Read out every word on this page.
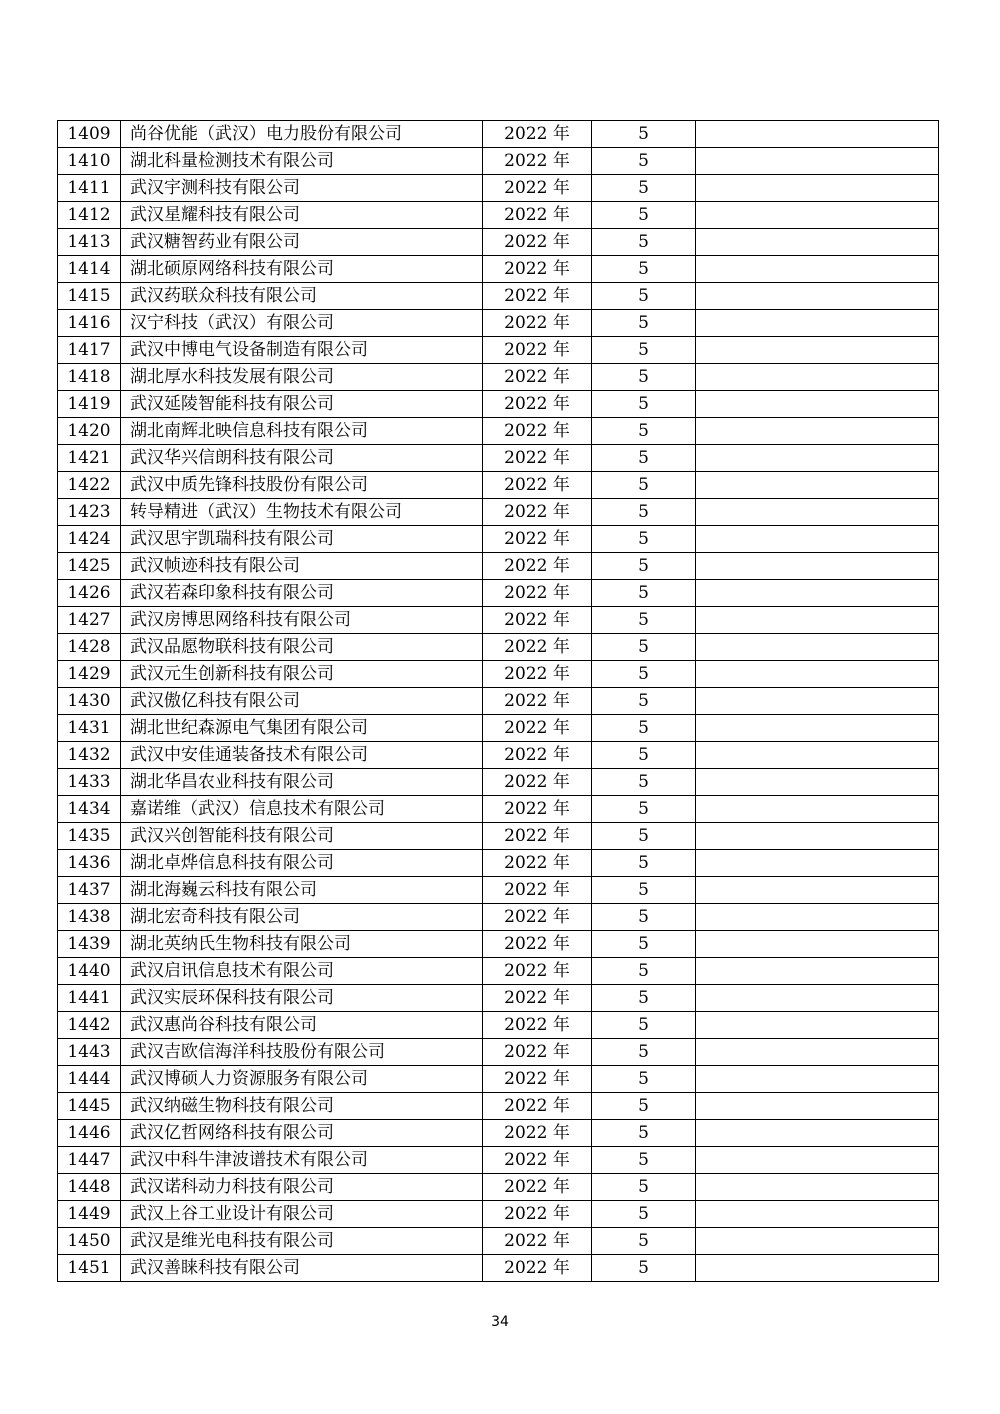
1409	尚谷优能（武汉）电力股份有限公司	2022 年	5	
1410	湖北科量检测技术有限公司	2022 年	5	
1411	武汉宇测科技有限公司	2022 年	5	
1412	武汉星耀科技有限公司	2022 年	5	
1413	武汉糖智药业有限公司	2022 年	5	
1414	湖北硕原网络科技有限公司	2022 年	5	
1415	武汉药联众科技有限公司	2022 年	5	
1416	汉宁科技（武汉）有限公司	2022 年	5	
1417	武汉中博电气设备制造有限公司	2022 年	5	
1418	湖北厚水科技发展有限公司	2022 年	5	
1419	武汉延陵智能科技有限公司	2022 年	5	
1420	湖北南辉北映信息科技有限公司	2022 年	5	
1421	武汉华兴信朗科技有限公司	2022 年	5	
1422	武汉中质先锋科技股份有限公司	2022 年	5	
1423	转导精进（武汉）生物技术有限公司	2022 年	5	
1424	武汉思宇凯瑞科技有限公司	2022 年	5	
1425	武汉帧迹科技有限公司	2022 年	5	
1426	武汉若森印象科技有限公司	2022 年	5	
1427	武汉房博思网络科技有限公司	2022 年	5	
1428	武汉品愿物联科技有限公司	2022 年	5	
1429	武汉元生创新科技有限公司	2022 年	5	
1430	武汉傲亿科技有限公司	2022 年	5	
1431	湖北世纪森源电气集团有限公司	2022 年	5	
1432	武汉中安佳通装备技术有限公司	2022 年	5	
1433	湖北华昌农业科技有限公司	2022 年	5	
1434	嘉诺维（武汉）信息技术有限公司	2022 年	5	
1435	武汉兴创智能科技有限公司	2022 年	5	
1436	湖北卓烨信息科技有限公司	2022 年	5	
1437	湖北海巍云科技有限公司	2022 年	5	
1438	湖北宏奇科技有限公司	2022 年	5	
1439	湖北英纳氏生物科技有限公司	2022 年	5	
1440	武汉启讯信息技术有限公司	2022 年	5	
1441	武汉实辰环保科技有限公司	2022 年	5	
1442	武汉惠尚谷科技有限公司	2022 年	5	
1443	武汉吉欧信海洋科技股份有限公司	2022 年	5	
1444	武汉博硕人力资源服务有限公司	2022 年	5	
1445	武汉纳磁生物科技有限公司	2022 年	5	
1446	武汉亿哲网络科技有限公司	2022 年	5	
1447	武汉中科牛津波谱技术有限公司	2022 年	5	
1448	武汉诺科动力科技有限公司	2022 年	5	
1449	武汉上谷工业设计有限公司	2022 年	5	
1450	武汉是维光电科技有限公司	2022 年	5	
1451	武汉善睐科技有限公司	2022 年	5	
34
